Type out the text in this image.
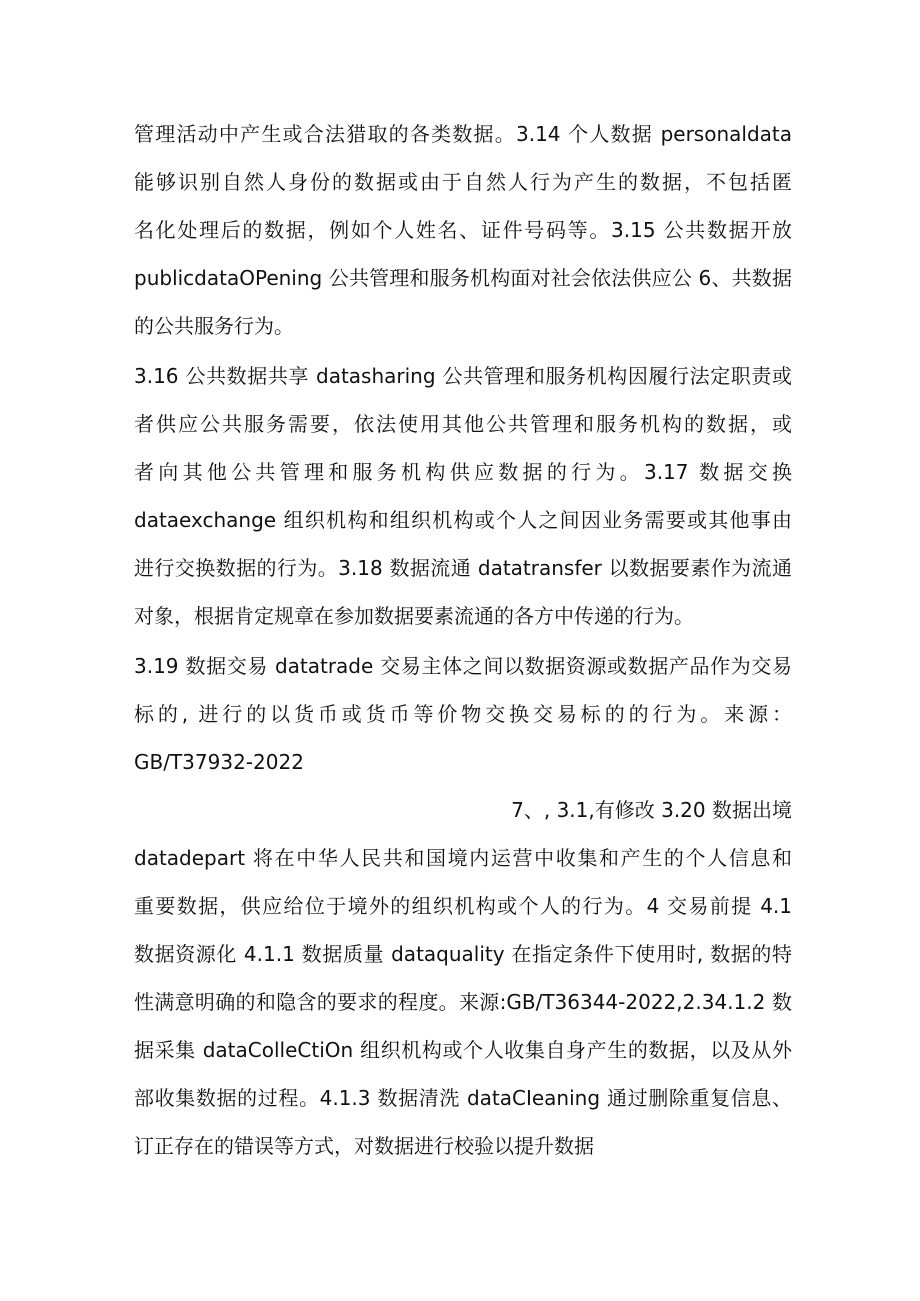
管理活动中产生或合法猎取的各类数据。3.14 个人数据 personaldata
能够识别自然人身份的数据或由于自然人行为产生的数据，不包括匿
名化处理后的数据，例如个人姓名、证件号码等。3.15 公共数据开放
publicdataOPening 公共管理和服务机构面对社会依法供应公 6、共数据
的公共服务行为。
3.16 公共数据共享 datasharing 公共管理和服务机构因履行法定职责或
者供应公共服务需要，依法使用其他公共管理和服务机构的数据，或
者向其他公共管理和服务机构供应数据的行为。3.17 数据交换
dataexchange 组织机构和组织机构或个人之间因业务需要或其他事由
进行交换数据的行为。3.18 数据流通 datatransfer 以数据要素作为流通
对象，根据肯定规章在参加数据要素流通的各方中传递的行为。
3.19 数据交易 datatrade 交易主体之间以数据资源或数据产品作为交易
标的, 进行的以货币或货币等价物交换交易标的的行为。来源：
GB/T37932-2022
7、, 3.1,有修改 3.20 数据出境
datadepart 将在中华人民共和国境内运营中收集和产生的个人信息和
重要数据，供应给位于境外的组织机构或个人的行为。4 交易前提 4.1
数据资源化 4.1.1 数据质量 dataquality 在指定条件下使用时, 数据的特
性满意明确的和隐含的要求的程度。来源:GB/T36344-2022,2.34.1.2 数
据采集 dataColleCtiOn 组织机构或个人收集自身产生的数据，以及从外
部收集数据的过程。4.1.3 数据清洗 dataCIeaning 通过删除重复信息、
订正存在的错误等方式，对数据进行校验以提升数据
